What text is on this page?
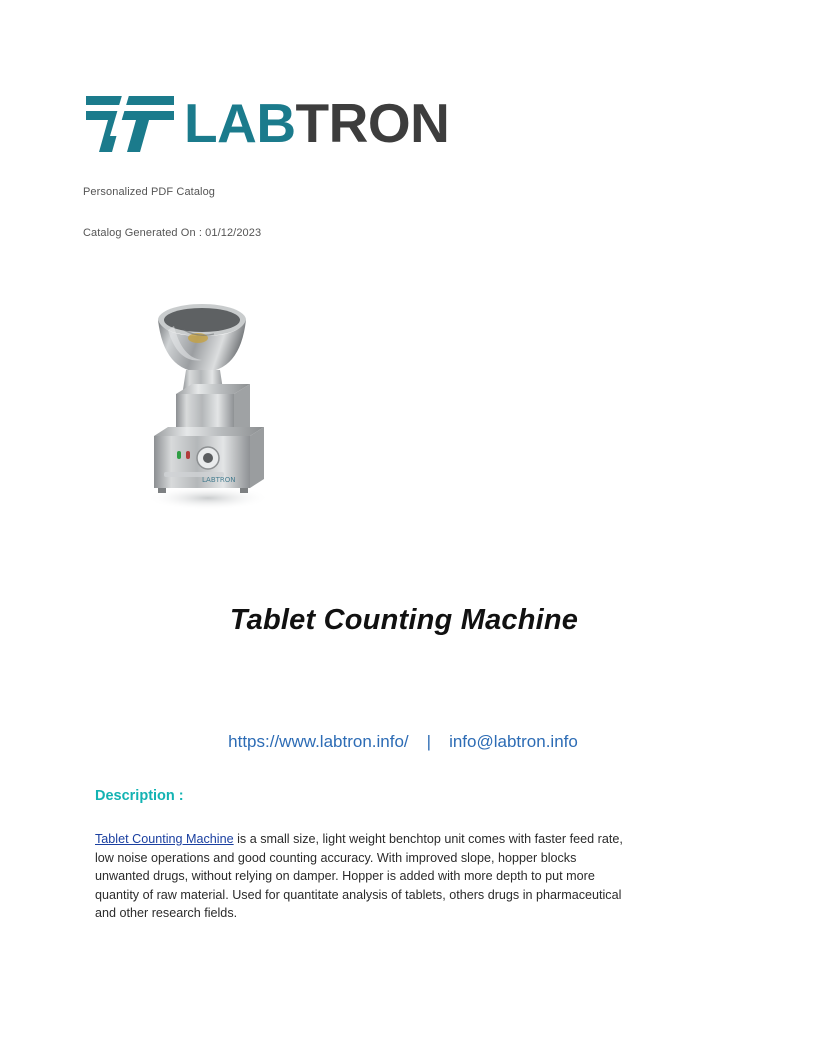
LABTRON
Personalized PDF Catalog
Catalog Generated On : 01/12/2023
LABTRON
Tablet Counting Machine
https://www.labtron.info/ | info@labtron.info
Description :
Tablet Counting Machine is a small size, light weight benchtop unit comes with faster feed rate, low noise operations and good counting accuracy. With improved slope, hopper blocks unwanted drugs, without relying on damper. Hopper is added with more depth to put more quantity of raw material. Used for quantitate analysis of tablets, others drugs in pharmaceutical and other research fields.
